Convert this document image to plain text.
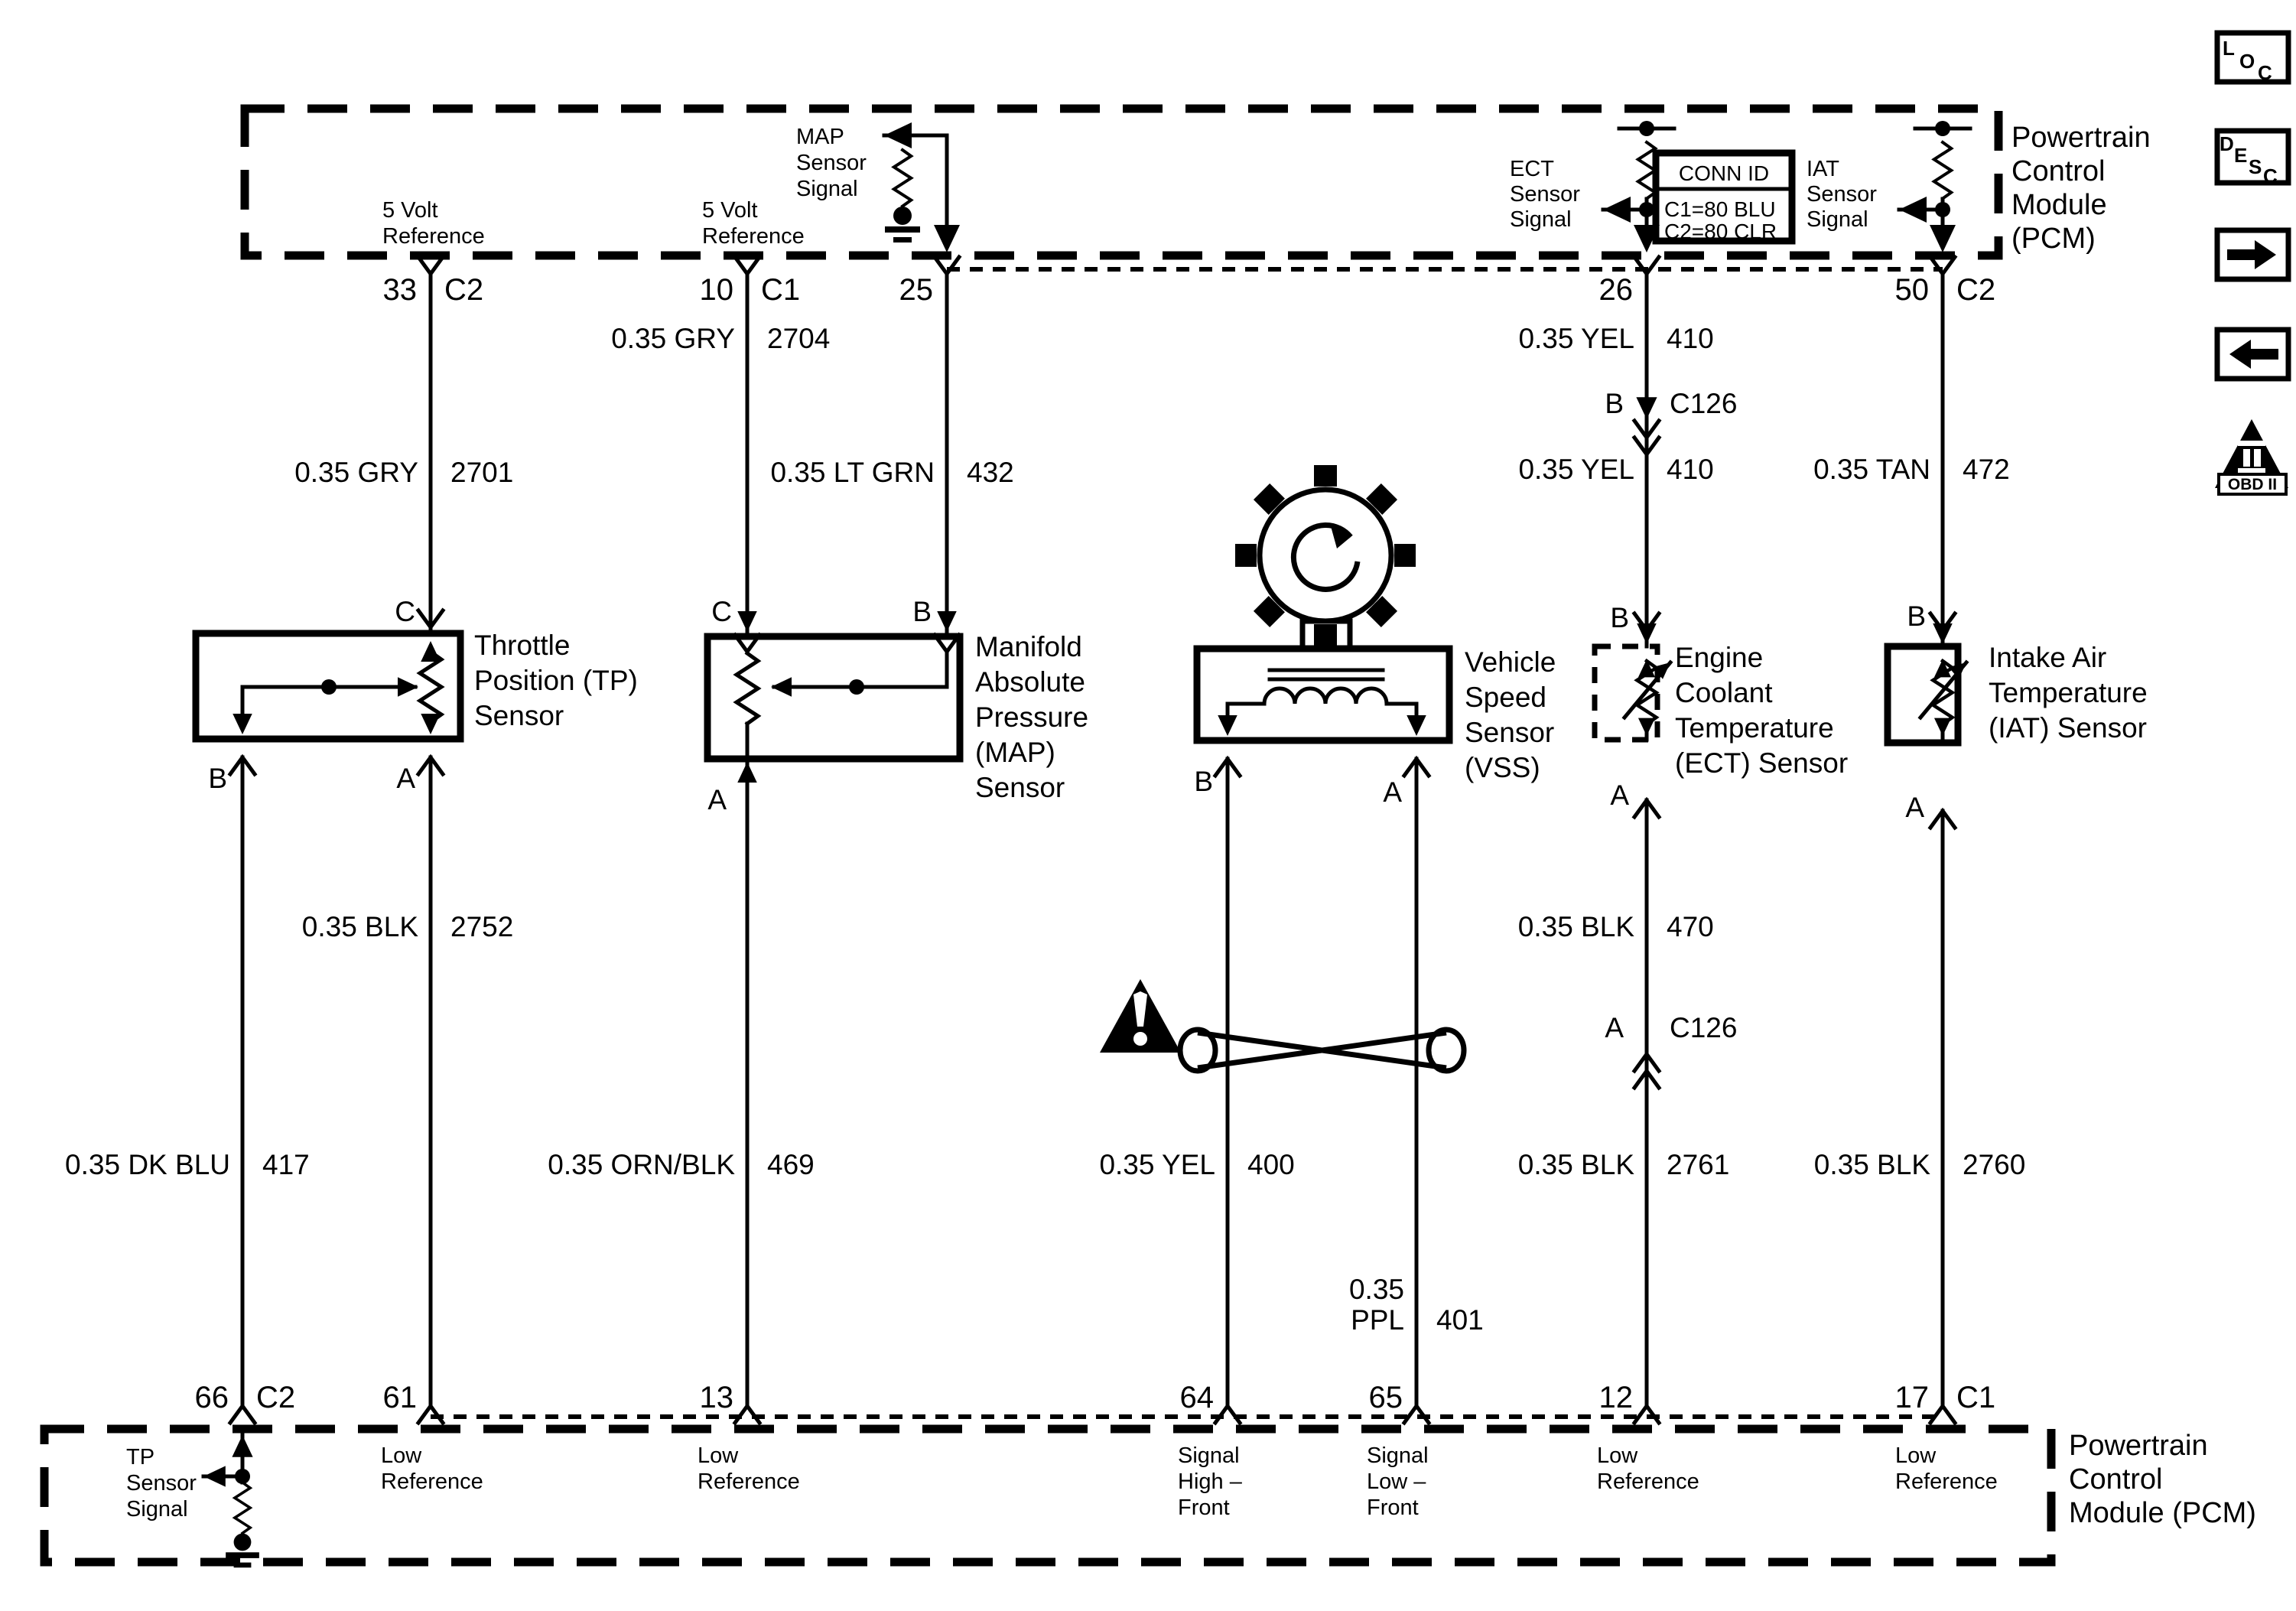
Powertrain
Control
Module
(PCM)
5 Volt
Reference
5 Volt
Reference
MAP
Sensor
Signal
ECT
Sensor
Signal
CONN ID
C1=80 BLU
C2=80 CLR
IAT
Sensor
Signal
33 C2	10 C1	25	26	50 C2
0.35 GRY 2704	0.35 YEL 410
0.35 GRY 2701	0.35 LT GRN 432	0.35 YEL 410	0.35 TAN 472
0.35 BLK 2752	0.35 BLK 470
0.35 DK BLU 417	0.35 ORN/BLK 469	0.35 YEL 400	0.35 BLK 2761	0.35 BLK 2760
0.35
PPL 401
B C126
A C126
Throttle
Position (TP)
Sensor
C
B	A
Manifold
Absolute
Pressure
(MAP)
Sensor
C	B
A
Vehicle
Speed
Sensor
(VSS)
B	A
B
Engine
Coolant
Temperature
(ECT) Sensor
A
B
Intake Air
Temperature
(IAT) Sensor
A
66 C2	61	13	64	65	12	17 C1
Powertrain
Control
Module (PCM)
TP
Sensor
Signal
Low
Reference
Low
Reference
Signal
High –
Front
Signal
Low –
Front
Low
Reference
Low
Reference
L
O C
D E S C
OBD II
